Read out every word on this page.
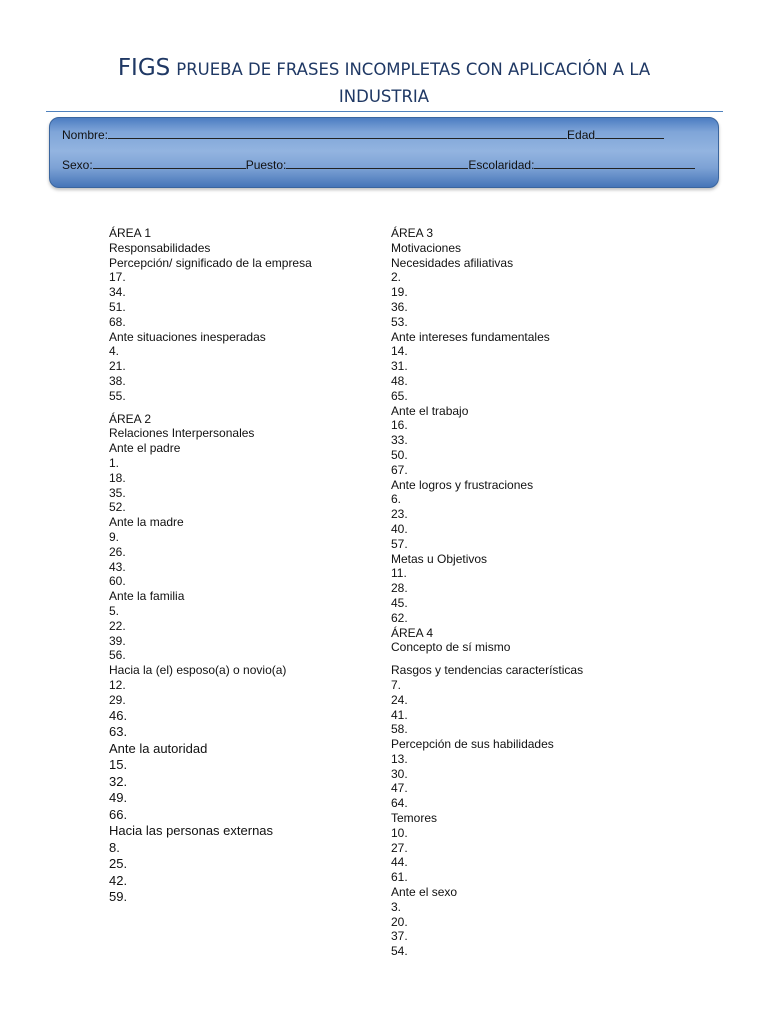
FIGS PRUEBA DE FRASES INCOMPLETAS CON APLICACIÓN A LA
INDUSTRIA
Nombre:	Edad
Sexo:	Puesto:	Escolaridad:
ÁREA 1
Responsabilidades
Percepción/ significado de la empresa
17.
34.
51.
68.
Ante situaciones inesperadas
4.
21.
38.
55.
ÁREA 2
Relaciones Interpersonales
Ante el padre
1.
18.
35.
52.
Ante la madre
9.
26.
43.
60.
Ante la familia
5.
22.
39.
56.
Hacia la (el) esposo(a) o novio(a)
12.
29.
46.
63.
Ante la autoridad
15.
32.
49.
66.
Hacia las personas externas
8.
25.
42.
59.
ÁREA 3
Motivaciones
Necesidades afiliativas
2.
19.
36.
53.
Ante intereses fundamentales
14.
31.
48.
65.
Ante el trabajo
16.
33.
50.
67.
Ante logros y frustraciones
6.
23.
40.
57.
Metas u Objetivos
11.
28.
45.
62.
ÁREA 4
Concepto de sí mismo
Rasgos y tendencias características
7.
24.
41.
58.
Percepción de sus habilidades
13.
30.
47.
64.
Temores
10.
27.
44.
61.
Ante el sexo
3.
20.
37.
54.
